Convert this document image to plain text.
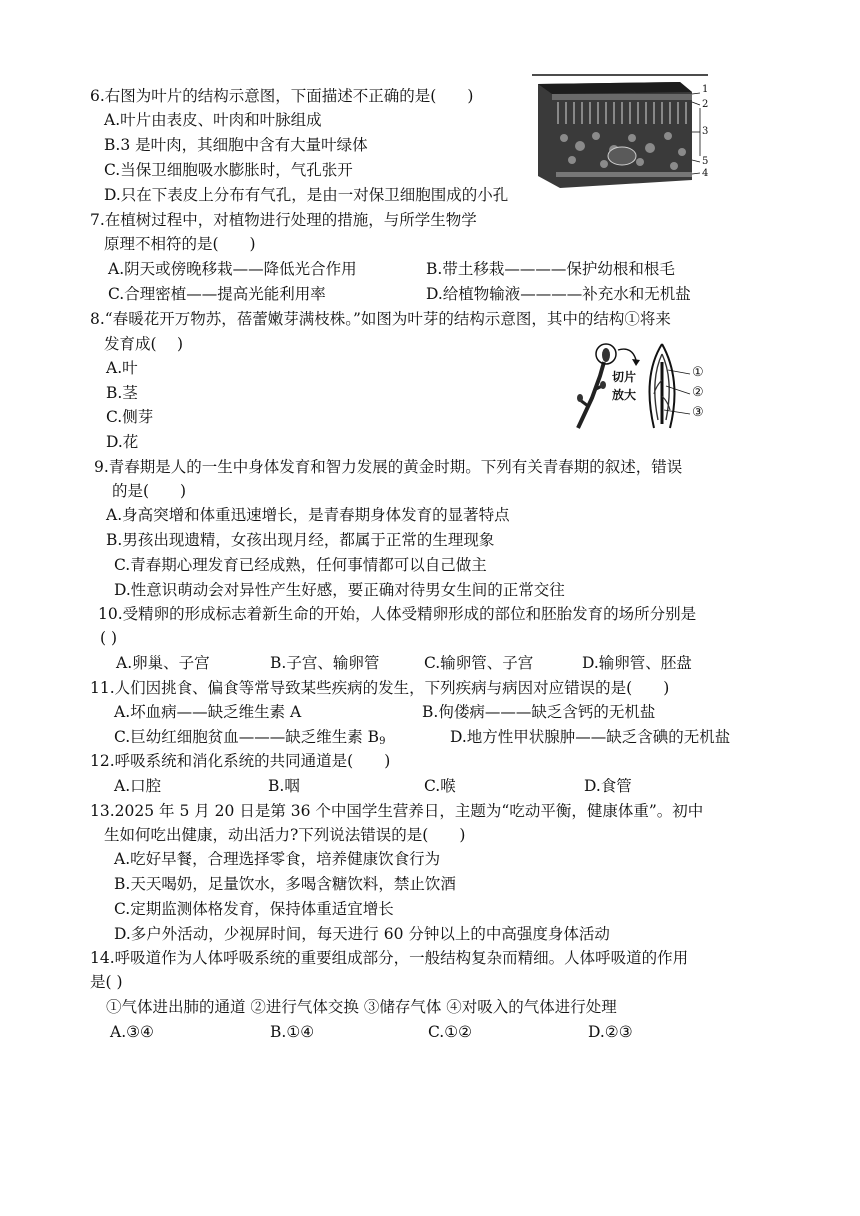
6.右图为叶片的结构示意图，下面描述不正确的是(　　)
A.叶片由表皮、叶肉和叶脉组成
B.3 是叶肉，其细胞中含有大量叶绿体
C.当保卫细胞吸水膨胀时，气孔张开
D.只在下表皮上分布有气孔，是由一对保卫细胞围成的小孔
1
2
3
5
4
7.在植树过程中，对植物进行处理的措施，与所学生物学
原理不相符的是(　　)
A.阴天或傍晚移栽——降低光合作用	B.带土移栽————保护幼根和根毛
C.合理密植——提高光能利用率	D.给植物输液————补充水和无机盐
8.“春暖花开万物苏，蓓蕾嫩芽满枝株。”如图为叶芽的结构示意图，其中的结构①将来
发育成(　 )
A.叶
B.茎
C.侧芽
D.花
切片
放大
①
②
③
9.青春期是人的一生中身体发育和智力发展的黄金时期。下列有关青春期的叙述，错误
的是(　　)
A.身高突增和体重迅速增长，是青春期身体发育的显著特点
B.男孩出现遗精，女孩出现月经，都属于正常的生理现象
C.青春期心理发育已经成熟，任何事情都可以自己做主
D.性意识萌动会对异性产生好感，要正确对待男女生间的正常交往
10.受精卵的形成标志着新生命的开始，人体受精卵形成的部位和胚胎发育的场所分别是
( )
A.卵巢、子宫	B.子宫、输卵管	C.输卵管、子宫	D.输卵管、胚盘
11.人们因挑食、偏食等常导致某些疾病的发生，下列疾病与病因对应错误的是(　　)
A.坏血病——缺乏维生素 A	B.佝偻病———缺乏含钙的无机盐
C.巨幼红细胞贫血———缺乏维生素 $B_9$	D.地方性甲状腺肿——缺乏含碘的无机盐
12.呼吸系统和消化系统的共同通道是(　　)
A.口腔	B.咽	C.喉	D.食管
13.2025 年 5 月 20 日是第 36 个中国学生营养日，主题为“吃动平衡，健康体重”。初中
生如何吃出健康，动出活力?下列说法错误的是(　　)
A.吃好早餐，合理选择零食，培养健康饮食行为
B.天天喝奶，足量饮水，多喝含糖饮料，禁止饮酒
C.定期监测体格发育，保持体重适宜增长
D.多户外活动，少视屏时间，每天进行 60 分钟以上的中高强度身体活动
14.呼吸道作为人体呼吸系统的重要组成部分，一般结构复杂而精细。人体呼吸道的作用
是( )
①气体进出肺的通道 ②进行气体交换 ③储存气体 ④对吸入的气体进行处理
A.③④	B.①④	C.①②	D.②③
